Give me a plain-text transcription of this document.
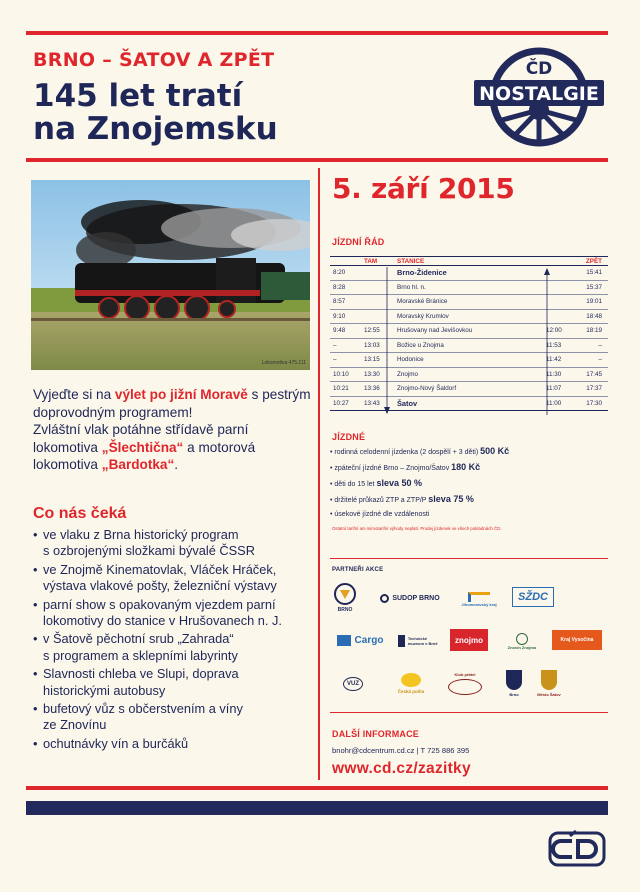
BRNO – ŠATOV A ZPĚT
145 let tratí
na Znojemsku
NOSTALGIE
ČD
Lokomotiva 475.111

Vyjeďte si na výlet po jižní Moravě s pestrým doprovodným programem!

Zvláštní vlak potáhne střídavě parní lokomotiva „Šlechtična“ a motorová lokomotiva „Bardotka“.

Co nás čeká
• ve vlaku z Brna historický program
s ozbrojenými složkami bývalé ČSSR
• ve Znojmě Kinematovlak, Vláček Hráček,
výstava vlakové pošty, železniční výstavy
• parní show s opakovaným vjezdem parní
lokomotivy do stanice v Hrušovanech n. J.
• v Šatově pěchotní srub „Zahrada“
s programem a sklepními labyrinty
• Slavnosti chleba ve Slupi, doprava
historickými autobusy
• bufetový vůz s občerstvením a víny
ze Znovínu
• ochutnávky vín a burčáků
5. září 2015
JÍZDNÍ ŘÁD
TAM	STANICE	ZPĚT
8:20	Brno-Židenice	15:41
8:28	Brno hl. n.	15:37
8:57	Moravské Bránice	19:01
9:10	Moravský Krumlov	18:48
9:48	12:55	Hrušovany nad Jevišovkou	12:00	18:19
–	13:03	Božice u Znojma	11:53	–
–	13:15	Hodonice	11:42	–
10:10	13:30	Znojmo	11:30	17:45
10:21	13:36	Znojmo-Nový Šaldorf	11:07	17:37
10:27	13:43	Šatov	11:00	17:30
JÍZDNÉ
• rodinná celodenní jízdenka (2 dospělí + 3 děti) 500 Kč
• zpáteční jízdné Brno – Znojmo/Šatov 180 Kč
• děti do 15 let sleva 50 %
• držitelé průkazů ZTP a ZTP/P sleva 75 %
• úsekové jízdné dle vzdálenosti
Ostatní tarifní ani mimotarifní výhody neplatí. Prodej jízdenek ve všech pokladnách ČD.
PARTNEŘI AKCE
BRNO
SUDOP BRNO
Jihomoravský kraj
SŽDC
Cargo	Technické muzeum v Brně	znojmo
Znovín Znojmo
Kraj Vysočina
VUZ
Česká pošta
Klub přátel
Brno	Město Šatov
DALŠÍ INFORMACE
bnohr@cdcentrum.cd.cz | T 725 886 395
www.cd.cz/zazitky
